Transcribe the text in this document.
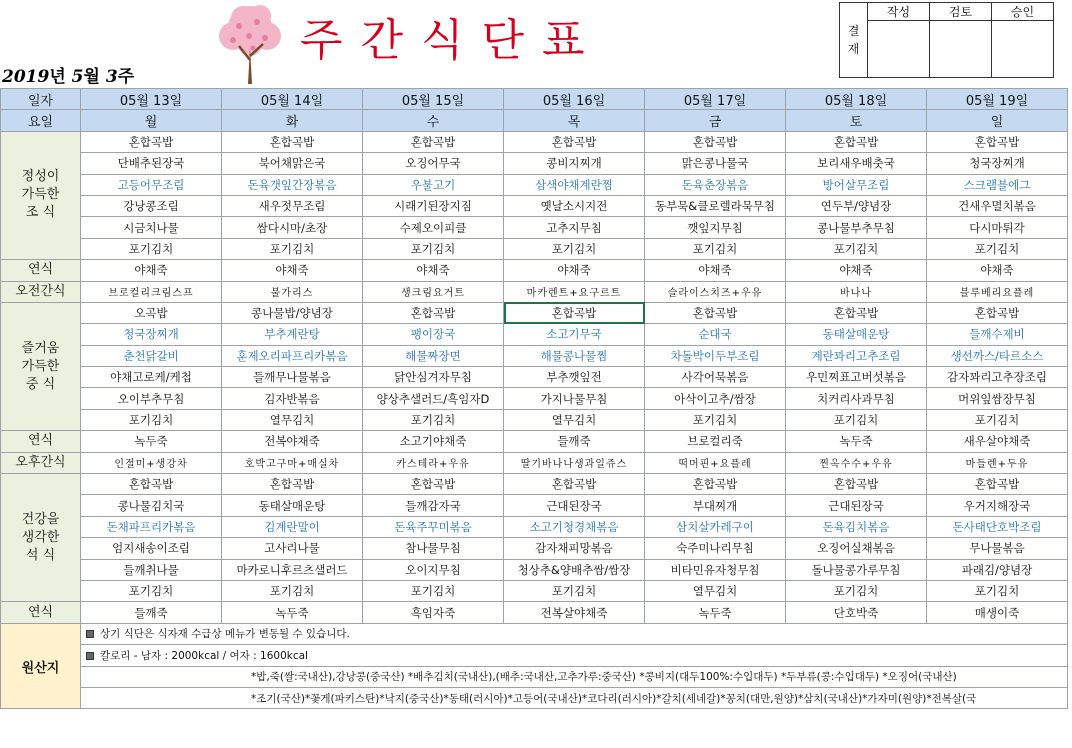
주간식단표
2019년 5월 3주
결
재	작성	검토	승인

일자	05월 13일	05월 14일	05월 15일	05월 16일	05월 17일	05월 18일	05월 19일
요일	월	화	수	목	금	토	일

정성이
가득한
조 식	혼합곡밥	혼합곡밥	혼합곡밥	혼합곡밥	혼합곡밥	혼합곡밥	혼합곡밥
	단배추된장국	북어채맑은국	오징어무국	콩비지찌개	맑은콩나물국	보리새우배춧국	청국장찌개
	고등어무조림	돈육갯잎간장볶음	우불고기	삼색야채계란찜	돈육춘장볶음	방어살무조림	스크램블에그
	강낭콩조림	새우젓무조림	시래기된장지짐	옛날소시지전	동부묵&클로렐라묵무침	연두부/양념장	건새우멸치볶음
	시금치나물	쌈다시마/초장	수제오이피클	고추지무침	깻잎지무침	콩나물부추무침	다시마튀각
	포기김치	포기김치	포기김치	포기김치	포기김치	포기김치	포기김치
연식	야채죽	야채죽	야채죽	야채죽	야채죽	야채죽	야채죽
오전간식	브로컬리크림스프	불가리스	생크림요거트	마카렌트+요구르트	슬라이스치즈+우유	바나나	블루베리요플레

즐거움
가득한
중 식	오곡밥	콩나물밥/양념장	혼합곡밥	혼합곡밥	혼합곡밥	혼합곡밥	혼합곡밥
	청국장찌개	부추계란탕	팽이장국	소고기무국	순대국	동태살매운탕	들깨수제비
	춘천닭갈비	훈제오리파프리카볶음	해물짜장면	해물콩나물찜	차돌박이두부조림	계란꽈리고추조림	생선까스/타르소스
	야채고로케/케첩	들깨무나물볶음	닭안심겨자무침	부추깻잎전	사각어묵볶음	우민찌표고버섯볶음	감자꽈리고추장조림
	오이부추무침	김자반볶음	양상추샐러드/흑임자D	가지나물무침	아삭이고추/쌈장	치커리사과무침	머위잎쌈장무침
	포기김치	열무김치	포기김치	열무김치	포기김치	포기김치	포기김치
연식	녹두죽	전복야채죽	소고기야채죽	들깨죽	브로컬리죽	녹두죽	새우살야채죽
오후간식	인절미+생강차	호박고구마+매실차	카스테라+우유	딸기바나나생과일쥬스	떡머핀+요플레	찐옥수수+우유	마들렌+두유

건강을
생각한
석 식	혼합곡밥	혼합곡밥	혼합곡밥	혼합곡밥	혼합곡밥	혼합곡밥	혼합곡밥
	콩나물김치국	동태살매운탕	들깨감자국	근대된장국	부대찌개	근대된장국	우거지해장국
	돈채파프리카볶음	김계란말이	돈육주꾸미볶음	소고기청경채볶음	삼치살카레구이	돈육김치볶음	돈사태단호박조림
	엄지새송이조림	고사리나물	참나물무침	감자채피망볶음	숙주미나리무침	오징어실채볶음	무나물볶음
	들깨취나물	마카로니후르츠샐러드	오이지무침	청상추&양배추쌈/쌈장	비타민유자청무침	돌나물콩가루무침	파래김/양념장
	포기김치	포기김치	포기김치	포기김치	열무김치	포기김치	포기김치
연식	들깨죽	녹두죽	흑임자죽	전복살야채죽	녹두죽	단호박죽	매생이죽
원산지	상기 식단은 식자재 수급상 메뉴가 변동될 수 있습니다.						
	칼로리 - 남자 : 2000kcal / 여자 : 1600kcal						
	*밥,죽(쌀:국내산),강낭콩(중국산) *배추김치(국내산),(배추:국내산,고추가루:중국산) *콩비지(대두100%:수입대두) *두부류(콩:수입대두) *오징어(국내산)						
	*조기(국산)*꽃게(파키스탄)*낙지(중국산)*동태(러시아)*고등어(국내산)*코다리(러시아)*갈치(세네갈)*꽁치(대만,원양)*삼치(국내산)*가자미(원양)*전복살(국						
